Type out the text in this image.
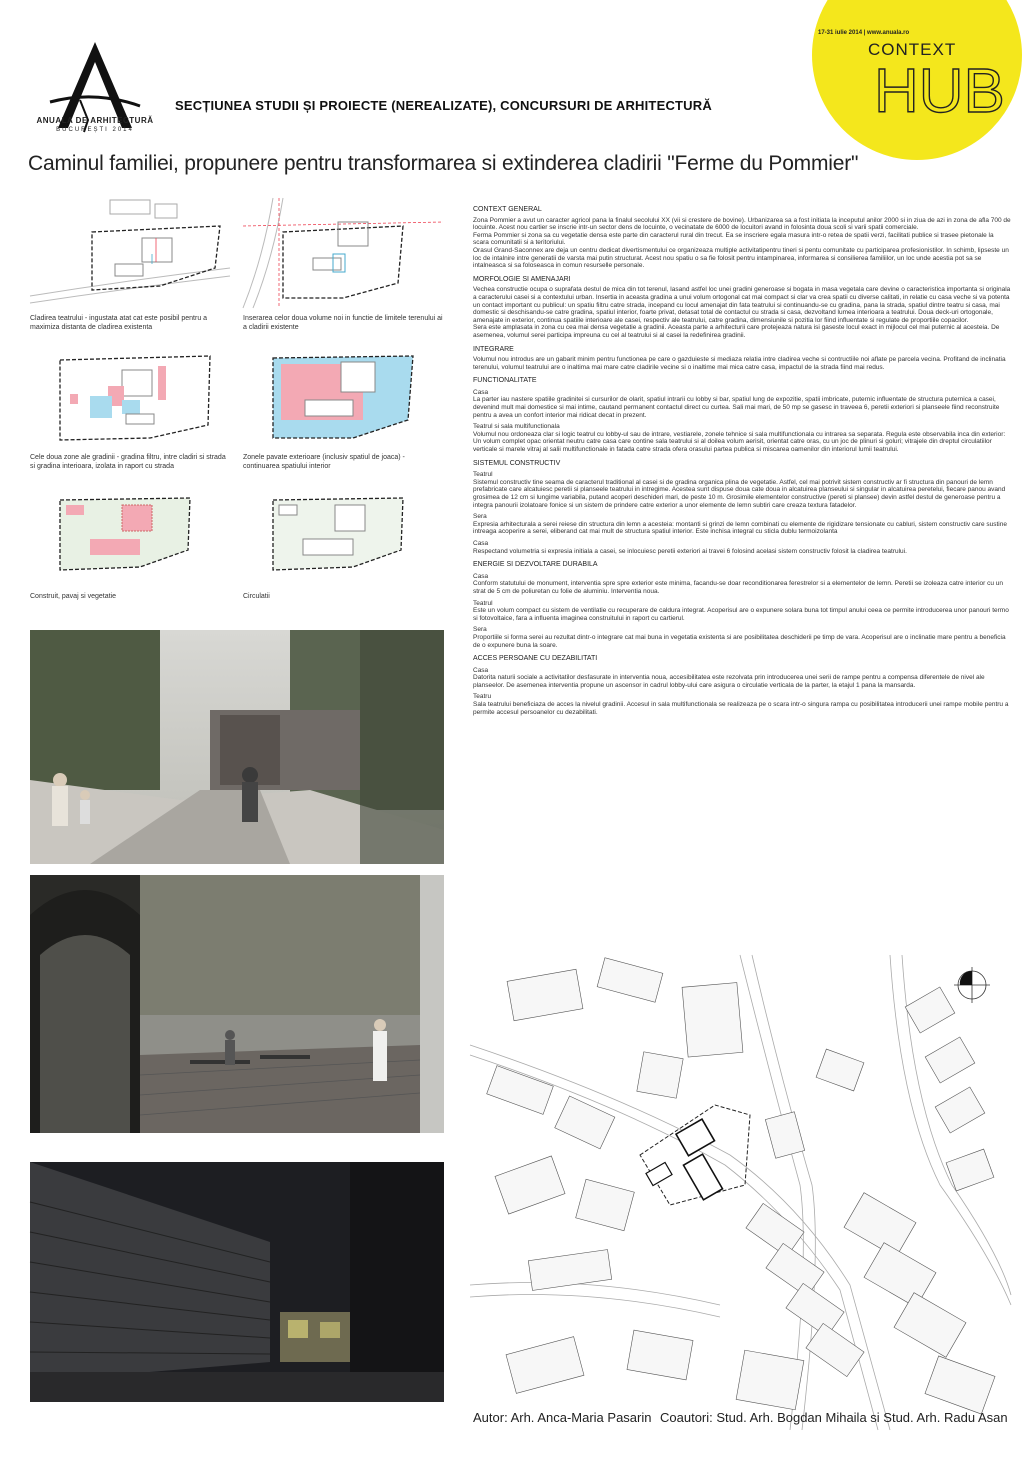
ANUALA DE ARHITECTURĂ
BUCUREȘTI 2014
SECȚIUNEA STUDII ȘI PROIECTE (NEREALIZATE), CONCURSURI DE ARHITECTURĂ
17-31 iulie 2014 | www.anuala.ro
CONTEXT
HUB
Caminul familiei, propunere pentru transformarea si extinderea cladirii "Ferme du Pommier"
Cladirea teatrului - ingustata atat cat este posibil pentru a maximiza distanta de cladirea existenta
Inserarea celor doua volume noi in functie de limitele terenului ai a cladirii existente
Cele doua zone ale gradinii - gradina filtru, intre cladiri si strada si gradina interioara, izolata in raport cu strada
Zonele pavate exterioare (inclusiv spatiul de joaca) - continuarea spatiului interior
Construit, pavaj si vegetatie	Circulatii
CONTEXT GENERAL

Zona Pommier a avut un caracter agricol pana la finalul secolului XX (vii si crestere de bovine). Urbanizarea sa a fost initiata la inceputul anilor 2000 si in ziua de azi in zona de afla 700 de locuinte. Acest nou cartier se inscrie intr-un sector dens de locuinte, o vecinatate de 6000 de locuitori avand in folosinta doua scoli si varii spatii comerciale.

Ferma Pommier si zona sa cu vegetatie densa este parte din caracterul rural din trecut. Ea se inscriere egala masura intr-o retea de spatii verzi, facilitati publice si trasee pietonale la scara comunitatii si a teritoriului.

Orasul Grand-Saconnex are deja un centru dedicat divertismentului ce organizeaza multiple activitatipentru tineri si pentu comunitate cu participarea profesionistilor. In schimb, lipseste un loc de intalnire intre generatii de varsta mai putin structurat. Acest nou spatiu o sa fie folosit pentru intampinarea, informarea si consilierea familiilor, un loc unde acestia pot sa se intalneasca si sa foloseasca in comun resurselle personale.

MORFOLOGIE SI AMENAJARI

Vechea constructie ocupa o suprafata destul de mica din tot terenul, lasand astfel loc unei gradini generoase si bogata in masa vegetala care devine o caracteristica importanta si originala a caracterului casei si a contextului urban. Insertia in aceasta gradina a unui volum ortogonal cat mai compact si clar va crea spatii cu diverse calitati, in relatie cu casa veche si va potenta un contact important cu publicul: un spatiu filtru catre strada, incepand cu locul amenajat din fata teatrului si continuandu-se cu gradina, pana la strada, spatiul dintre teatru si casa, mai domestic si deschisandu-se catre gradina, spatiul interior, foarte privat, detasat total de contactul cu strada si casa, dezvoltand lumea interioara a teatrului. Doua deck-uri ortogonale, amenajate in exterior, continua spatiile interioare ale casei, respectiv ale teatrului, catre gradina, dimensiunile si pozitia lor fiind influentate si regulate de proportiile copacilor.

Sera este amplasata in zona cu cea mai densa vegetatie a gradinii. Aceasta parte a arhitecturii care protejeaza natura isi gaseste locul exact in mijlocul cel mai puternic al acesteia. De asemenea, volumul serei participa impreuna cu cel al teatrului si al casei la redefinirea gradinii.

INTEGRARE

Volumul nou introdus are un gabarit minim pentru functionea pe care o gazduieste si mediaza relatia intre cladirea veche si contructiile noi aflate pe parcela vecina. Profitand de inclinatia terenului, volumul teatrului are o inaltima mai mare catre cladirile vecine si o inaltime mai mica catre casa, impactul de la strada fiind mai redus.

FUNCTIONALITATE

Casa

La parter iau nastere spatiile gradinitei si cursurilor de olarit, spatiul intrarii cu lobby si bar, spatiul lung de expozitie, spatii imbricate, puternic influentate de structura puternica a casei, devenind mult mai domestice si mai intime, cautand permanent contactul direct cu curtea. Sali mai mari, de 50 mp se gasesc in traveea 6, peretii exteriori si planseele fiind reconstruite pentru a avea un confort interior mai ridicat decat in prezent.

Teatrul si sala multifunctionala

Volumul nou ordoneaza clar si logic teatrul cu lobby-ul sau de intrare, vestiarele, zonele tehnice si sala multifunctionala cu intrarea sa separata. Regula este observabila inca din exterior: Un volum complet opac orientat neutru catre casa care contine sala teatrului si al doilea volum aerisit, orientat catre oras, cu un joc de plinuri si goluri; vitrajele din dreptul circulatiilor verticale si marele vitraj al salii multifunctionale in fatada catre strada ofera orasului partea publica si miscarea oamenilor din interiorul lumii teatrului.

SISTEMUL CONSTRUCTIV

Teatrul

Sistemul constructiv tine seama de caracterul traditional al casei si de gradina organica plina de vegetatie. Astfel, cel mai potrivit sistem constructiv ar fi structura din panouri de lemn prefabricate care alcatuiesc peretii si planseele teatrului in intregime. Acestea sunt dispuse doua cate doua in alcatuirea planseului si singular in alcatuirea peretelui, fiecare panou avand grosimea de 12 cm si lungime variabila, putand acoperi deschideri mari, de peste 10 m. Grosimile elementelor constructive (pereti si plansee) devin astfel destul de generoase pentru a integra panourii izolatoare fonice si un sistem de prindere catre exterior a unor elemente de lemn subtiri care creaza textura fatadelor.

Sera

Expresia arhitecturala a serei reiese din structura din lemn a acesteia: montanti si grinzi de lemn combinati cu elemente de rigidizare tensionate cu cabluri, sistem constructiv care sustine intreaga acoperire a serei, eliberand cat mai mult de structura spatiul interior. Este inchisa integral cu sticla dublu termoizolanta

Casa

Respectand volumetria si expresia initiala a casei, se inlocuiesc peretii exteriori ai travei 6 folosind acelasi sistem constructiv folosit la cladirea teatrului.

ENERGIE SI DEZVOLTARE DURABILA

Casa

Conform statutului de monument, interventia spre spre exterior este minima, facandu-se doar reconditionarea ferestrelor si a elementelor de lemn. Peretii se izoleaza catre interior cu un strat de 5 cm de poliuretan cu folie de aluminiu. Interventia noua.

Teatrul

Este un volum compact cu sistem de ventilatie cu recuperare de caldura integrat. Acoperisul are o expunere solara buna tot timpul anului ceea ce permite introducerea unor panouri termo si fotovoltaice, fara a influenta imaginea construitului in raport cu cartierul.

Sera

Proportiile si forma serei au rezultat dintr-o integrare cat mai buna in vegetatia existenta si are posibilitatea deschiderii pe timp de vara. Acoperisul are o inclinatie mare pentru a beneficia de o expunere buna la soare.

ACCES PERSOANE CU DEZABILITATI

Casa

Datorita naturii sociale a activitatilor desfasurate in interventia noua, accesibilitatea este rezolvata prin introducerea unei serii de rampe pentru a compensa diferentele de nivel ale planseelor. De asemenea interventia propune un ascensor in cadrul lobby-ului care asigura o circulatie verticala de la parter, la etajul 1 pana la mansarda.

Teatru

Sala teatrului beneficiaza de acces la nivelul gradinii. Accesul in sala multifunctionala se realizeaza pe o scara intr-o singura rampa cu posibilitatea introducerii unei rampe mobile pentru a permite accesul persoanelor cu dezabilitati.

Autor: Arh. Anca-Maria Pasarin Coautori: Stud. Arh. Bogdan Mihaila si Stud. Arh. Radu Asan
